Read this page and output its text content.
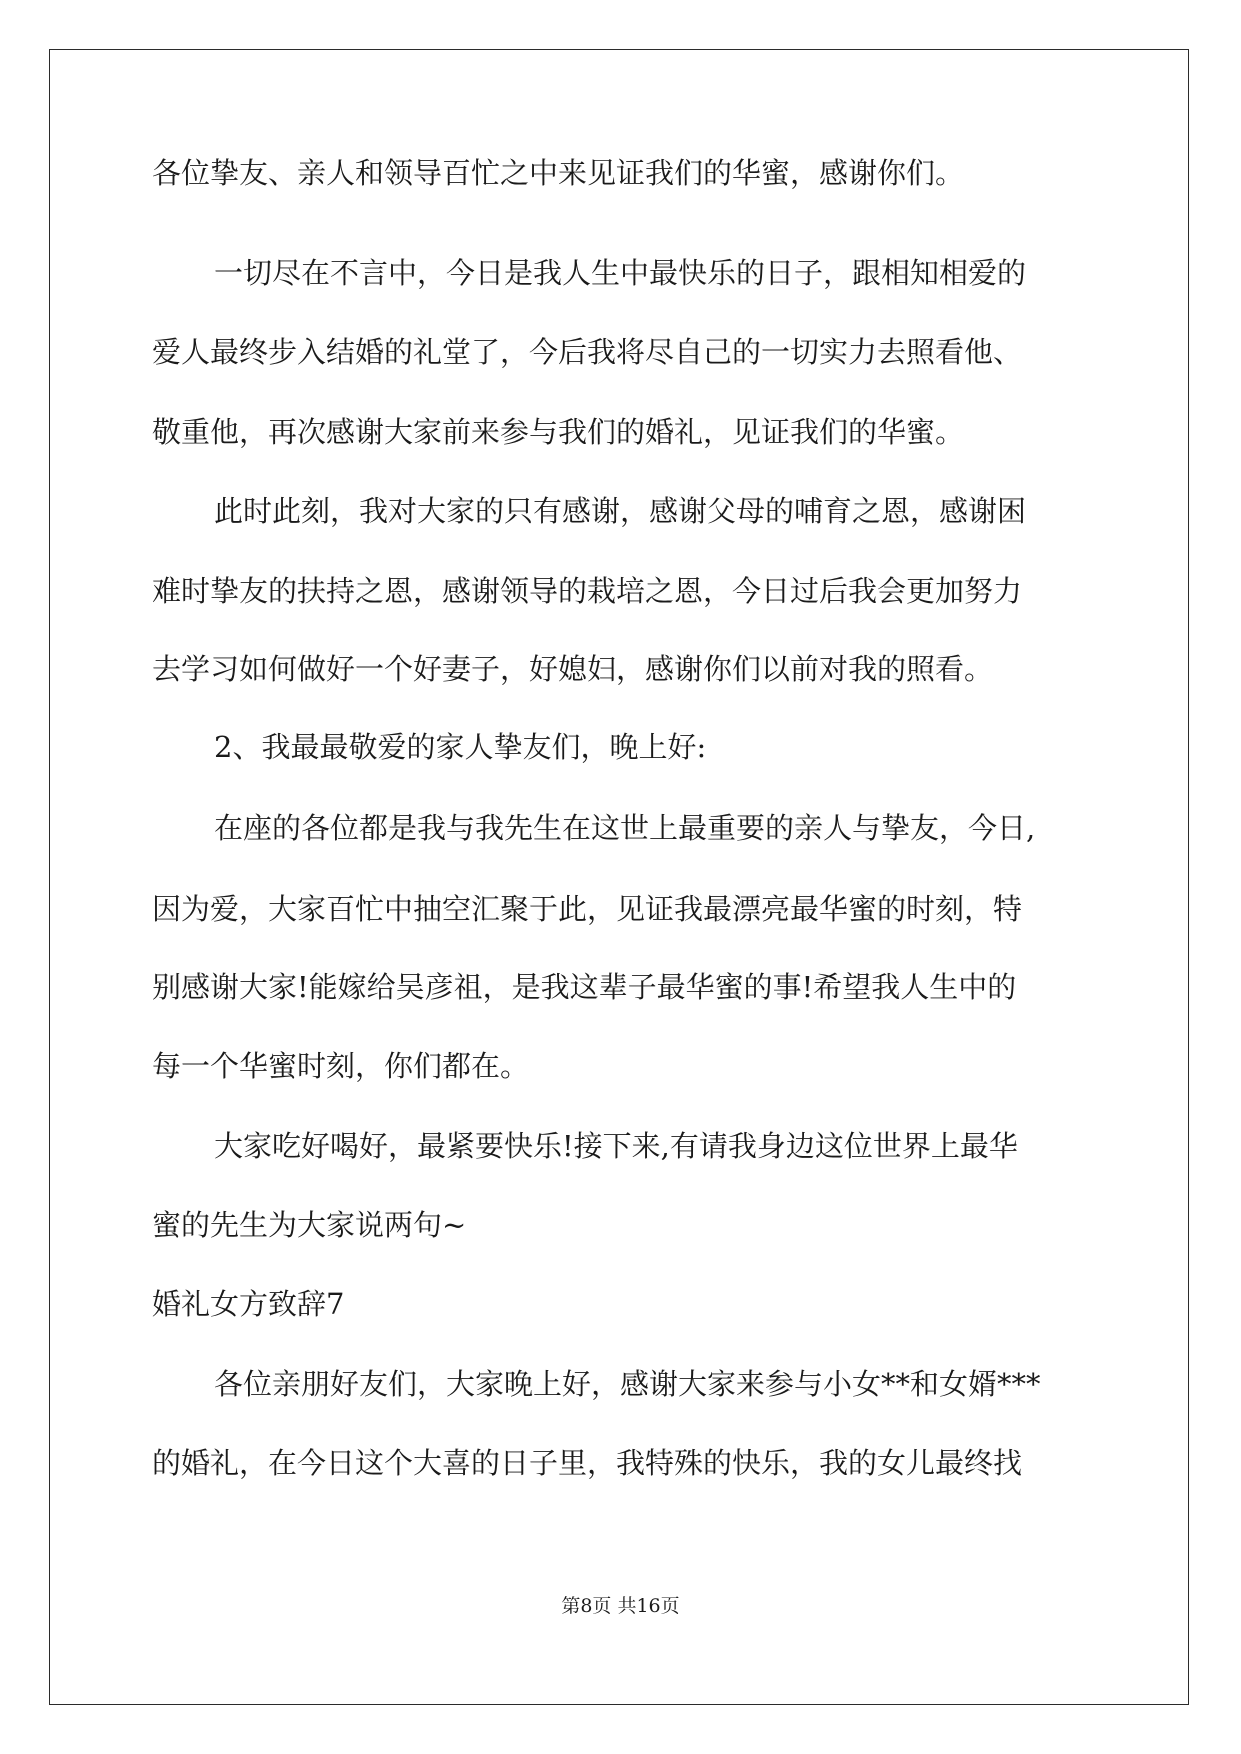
各位挚友、亲人和领导百忙之中来见证我们的华蜜，感谢你们。
一切尽在不言中，今日是我人生中最快乐的日子，跟相知相爱的
爱人最终步入结婚的礼堂了，今后我将尽自己的一切实力去照看他、
敬重他，再次感谢大家前来参与我们的婚礼，见证我们的华蜜。
此时此刻，我对大家的只有感谢，感谢父母的哺育之恩，感谢困
难时挚友的扶持之恩，感谢领导的栽培之恩，今日过后我会更加努力
去学习如何做好一个好妻子，好媳妇，感谢你们以前对我的照看。
2、我最最敬爱的家人挚友们，晚上好:
在座的各位都是我与我先生在这世上最重要的亲人与挚友，今日,
因为爱，大家百忙中抽空汇聚于此，见证我最漂亮最华蜜的时刻，特
别感谢大家!能嫁给吴彦祖，是我这辈子最华蜜的事!希望我人生中的
每一个华蜜时刻，你们都在。
大家吃好喝好，最紧要快乐!接下来,有请我身边这位世界上最华
蜜的先生为大家说两句~
婚礼女方致辞7
各位亲朋好友们，大家晚上好，感谢大家来参与小女**和女婿***
的婚礼，在今日这个大喜的日子里，我特殊的快乐，我的女儿最终找
第8页 共16页
